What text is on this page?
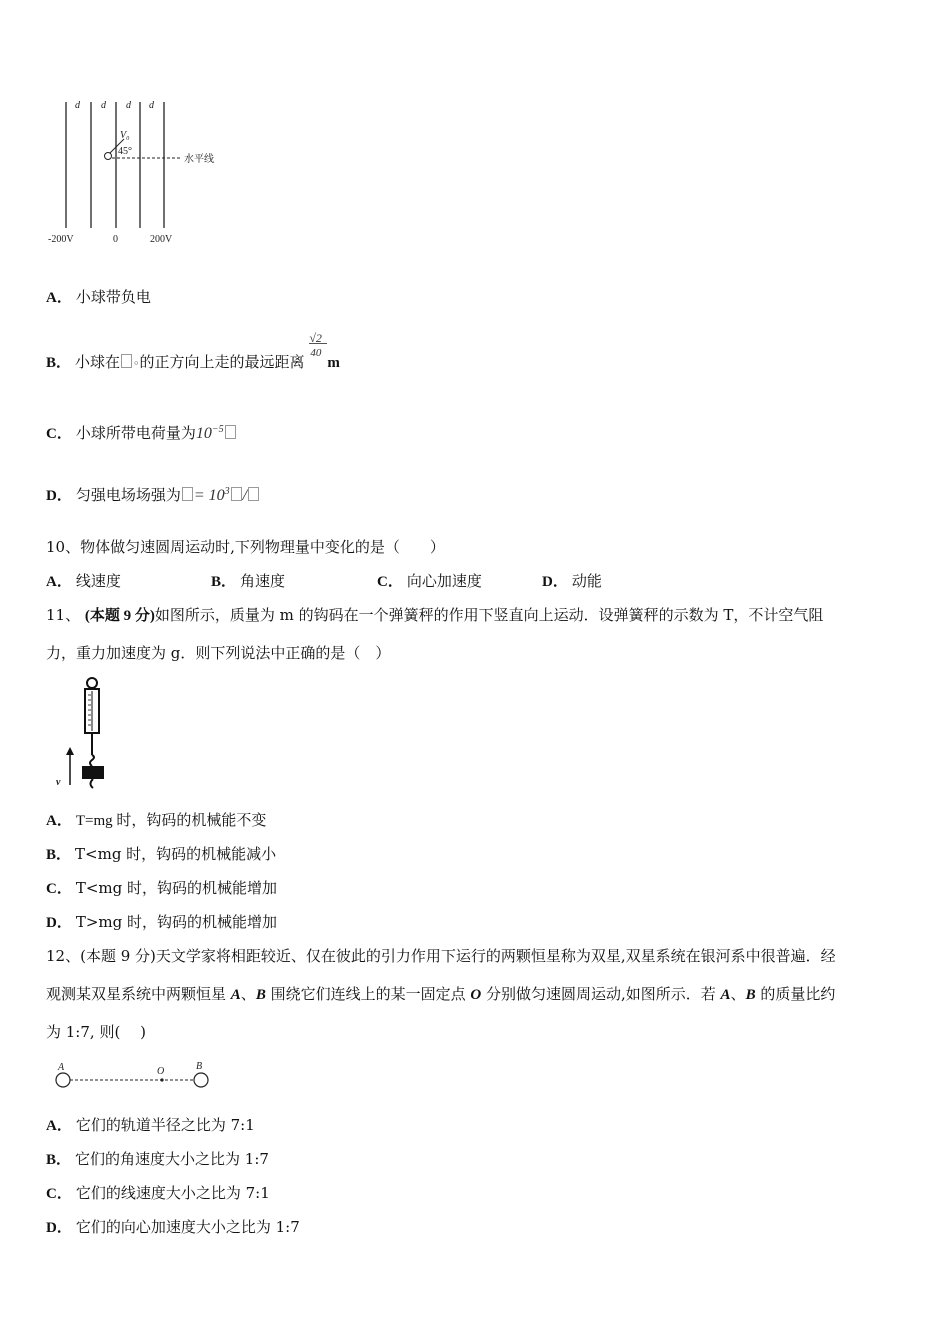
d d d d
V₀
45°
水平线
-200V	0	200V
A． 小球带负电
B． 小球在 ◦的正方向上走的最远距离 $\frac{√2}{40}$ m
C． 小球所带电荷量为$10^{-5}$
D． 匀强电场场强为 = $10^3$ /
10、物体做匀速圆周运动时,下列物理量中变化的是（　　）
A． 线速度	B． 角速度	C． 向心加速度	D． 动能
11、 (本题 9 分)如图所示，质量为 m 的钩码在一个弹簧秤的作用下竖直向上运动．设弹簧秤的示数为 T，不计空气阻
力，重力加速度为 g．则下列说法中正确的是（　）
v
A． T=mg 时，钩码的机械能不变
B． T<mg 时，钩码的机械能减小
C． T<mg 时，钩码的机械能增加
D． T>mg 时，钩码的机械能增加
12、(本题 9 分)天文学家将相距较近、仅在彼此的引力作用下运行的两颗恒星称为双星,双星系统在银河系中很普遍．经
观测某双星系统中两颗恒星 A、B 围绕它们连线上的某一固定点 O 分别做匀速圆周运动,如图所示．若 A、B 的质量比约
为 1:7, 则(　 )
A	O	B
A． 它们的轨道半径之比为 7:1
B． 它们的角速度大小之比为 1:7
C． 它们的线速度大小之比为 7:1
D． 它们的向心加速度大小之比为 1:7
